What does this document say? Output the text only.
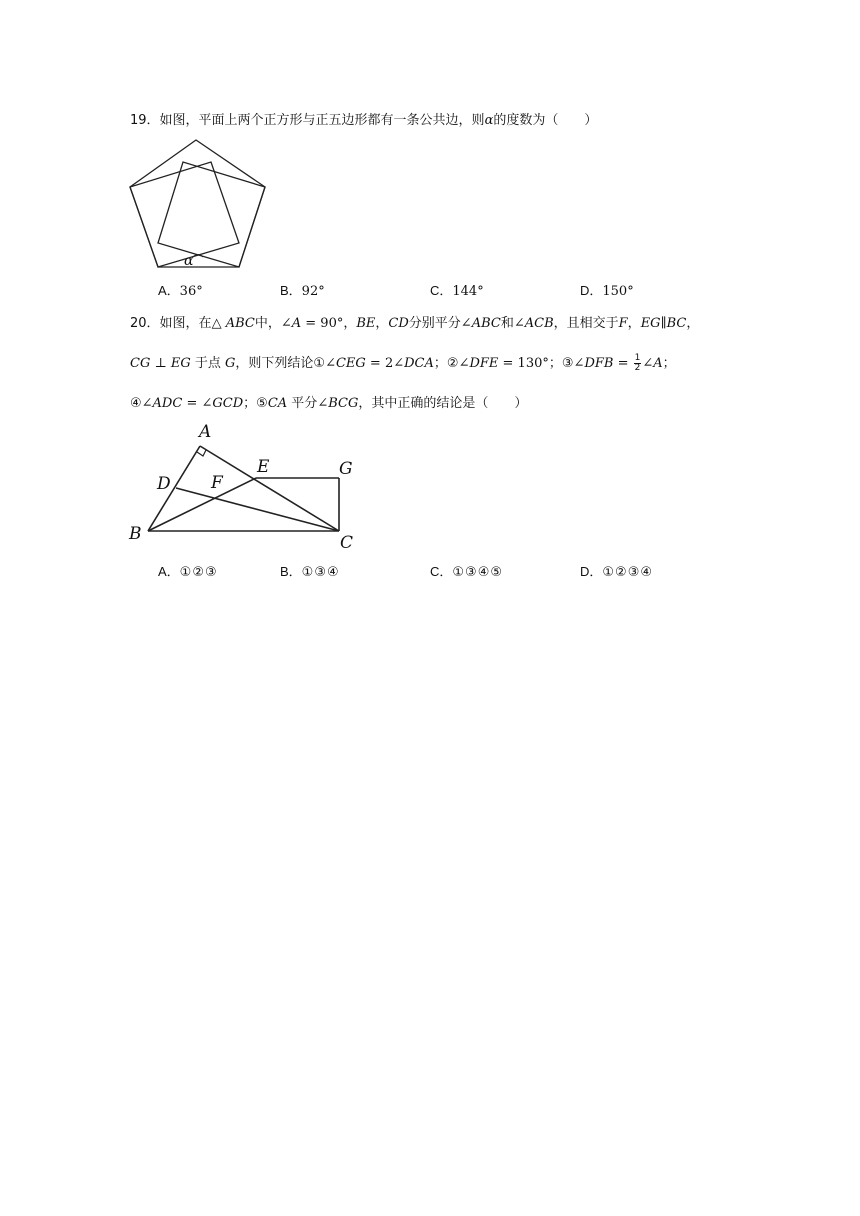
19．如图，平面上两个正方形与正五边形都有一条公共边，则α的度数为（　　）
α
A．36°	B．92°	C．144°	D．150°
20．如图，在△ ABC中，∠A = 90°，BE，CD分别平分∠ABC和∠ACB，且相交于F，EG∥BC，
CG ⊥ EG 于点 G，则下列结论①∠CEG = 2∠DCA；②∠DFE = 130°；③∠DFB = $\frac{1}{2}$ ∠A；
④∠ADC = ∠GCD；⑤CA 平分∠BCG，其中正确的结论是（　　）
A
D F
E	G
B	C
A．①②③	B．①③④	C．①③④⑤	D．①②③④
